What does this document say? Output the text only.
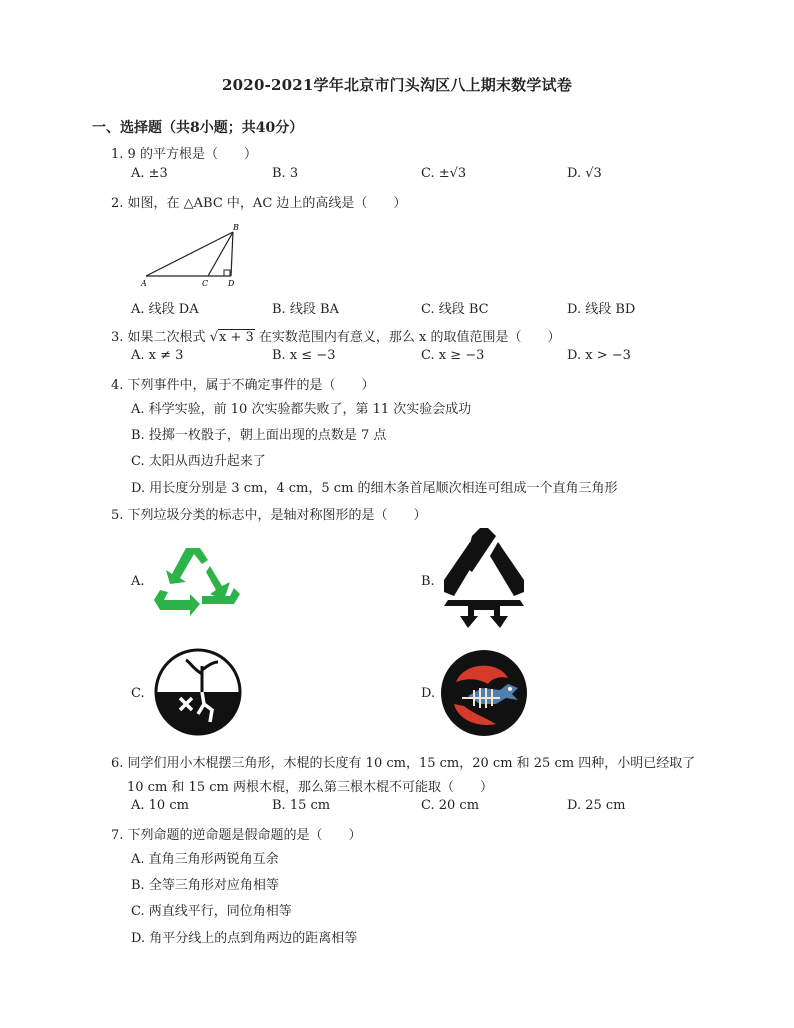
2020-2021学年北京市门头沟区八上期末数学试卷
一、选择题（共8小题；共40分）
1. 9 的平方根是（　　）
A. ±3	B. 3	C. ±√3	D. √3
2. 如图，在 △ABC 中，AC 边上的高线是（　　）
A
B
C D
A. 线段 DA	B. 线段 BA	C. 线段 BC	D. 线段 BD
3. 如果二次根式 √x + 3 在实数范围内有意义，那么 x 的取值范围是（　　）
A. x ≠ 3	B. x ≤ −3	C. x ≥ −3	D. x > −3
4. 下列事件中，属于不确定事件的是（　　）
A. 科学实验，前 10 次实验都失败了，第 11 次实验会成功
B. 投掷一枚骰子，朝上面出现的点数是 7 点
C. 太阳从西边升起来了
D. 用长度分别是 3 cm，4 cm，5 cm 的细木条首尾顺次相连可组成一个直角三角形
5. 下列垃圾分类的标志中，是轴对称图形的是（　　）
A.	B.
C.	D.
6. 同学们用小木棍摆三角形，木棍的长度有 10 cm，15 cm，20 cm 和 25 cm 四种，小明已经取了
10 cm 和 15 cm 两根木棍，那么第三根木棍不可能取（　　）
A. 10 cm	B. 15 cm	C. 20 cm	D. 25 cm
7. 下列命题的逆命题是假命题的是（　　）
A. 直角三角形两锐角互余
B. 全等三角形对应角相等
C. 两直线平行，同位角相等
D. 角平分线上的点到角两边的距离相等
